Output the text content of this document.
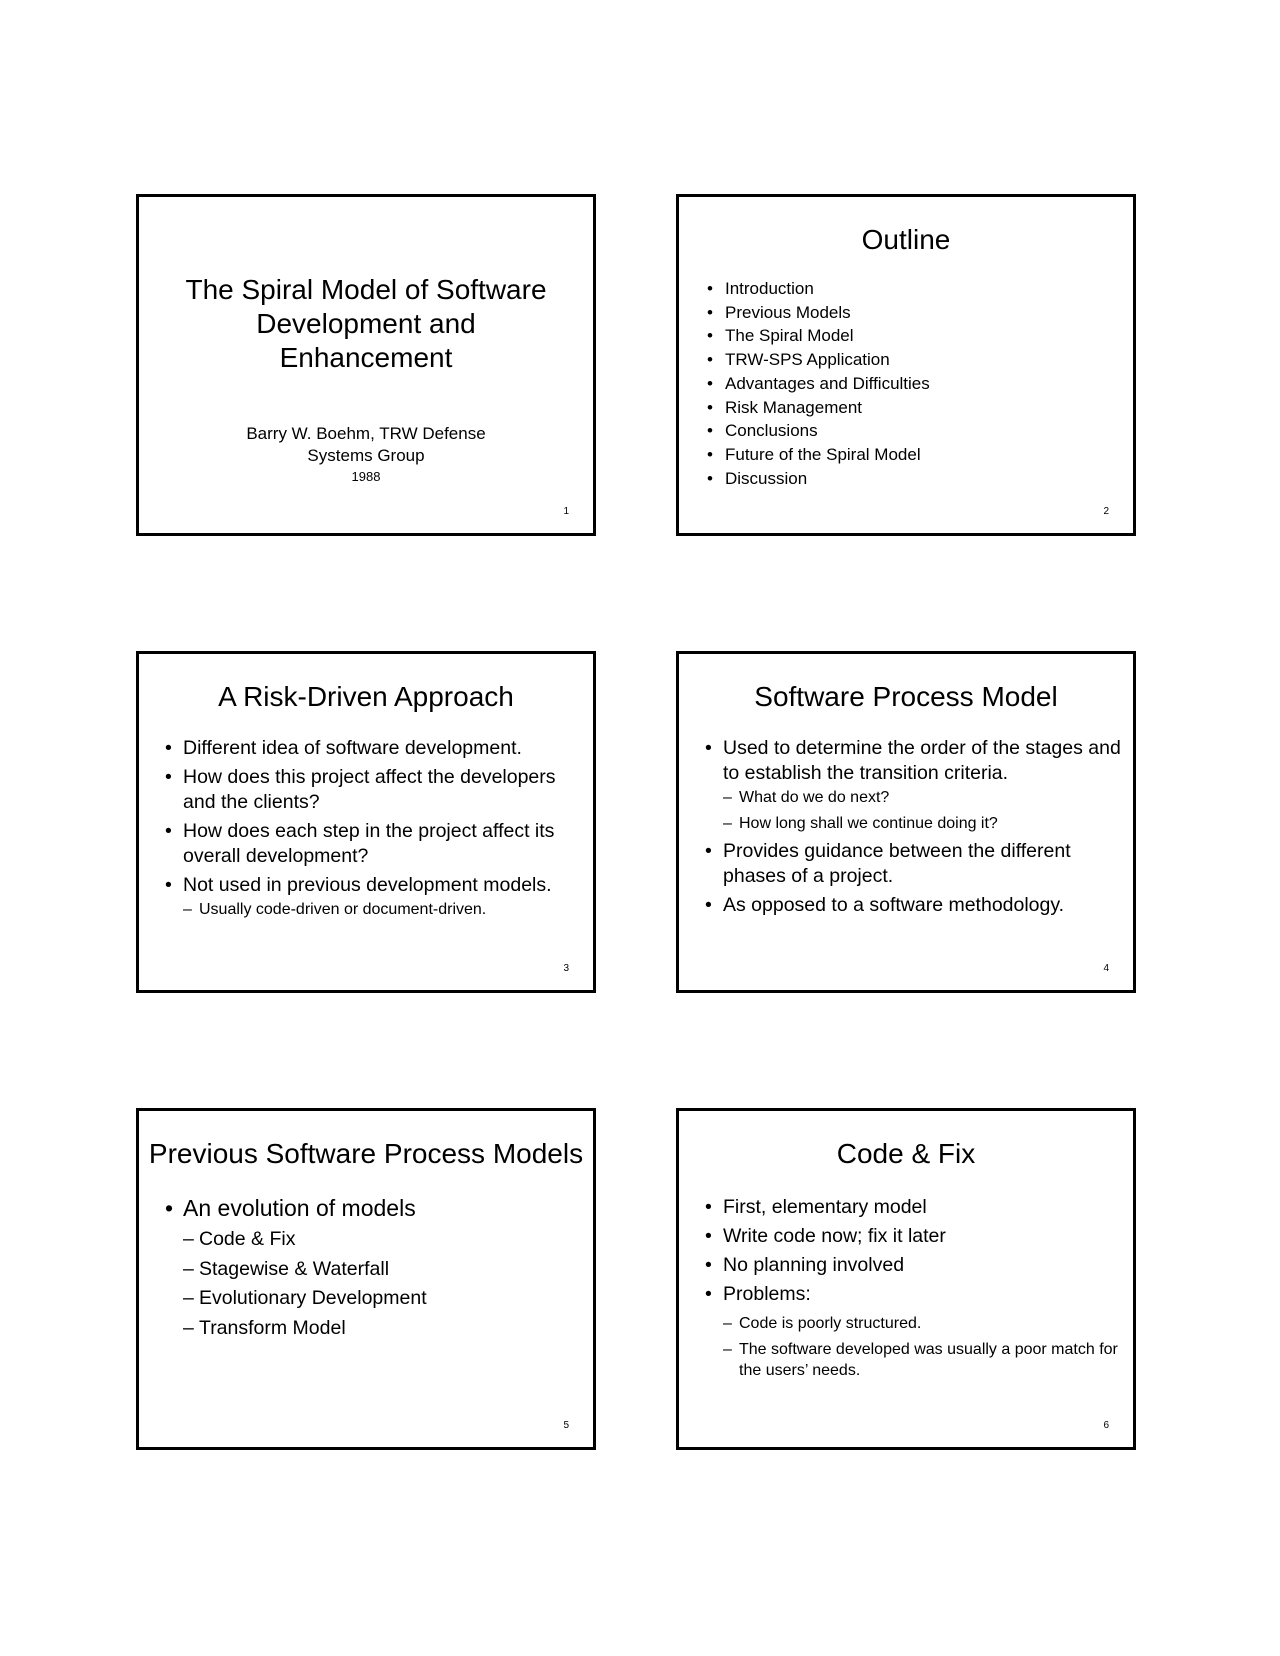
The Spiral Model of Software
Development and
Enhancement
Barry W. Boehm, TRW Defense
Systems Group
1988
1
Outline
• Introduction
• Previous Models
• The Spiral Model
• TRW-SPS Application
• Advantages and Difficulties
• Risk Management
• Conclusions
• Future of the Spiral Model
• Discussion
2
A Risk-Driven Approach
• Different idea of software development.
• How does this project affect the developers and the clients?
• How does each step in the project affect its overall development?
• Not used in previous development models.
– Usually code-driven or document-driven.
3
Software Process Model
• Used to determine the order of the stages and to establish the transition criteria.
– What do we do next?
– How long shall we continue doing it?
• Provides guidance between the different phases of a project.
• As opposed to a software methodology.
4
Previous Software Process Models
• An evolution of models
– Code & Fix
– Stagewise & Waterfall
– Evolutionary Development
– Transform Model
5
Code & Fix
• First, elementary model
• Write code now; fix it later
• No planning involved
• Problems:
– Code is poorly structured.
– The software developed was usually a poor match for the users’ needs.
6
